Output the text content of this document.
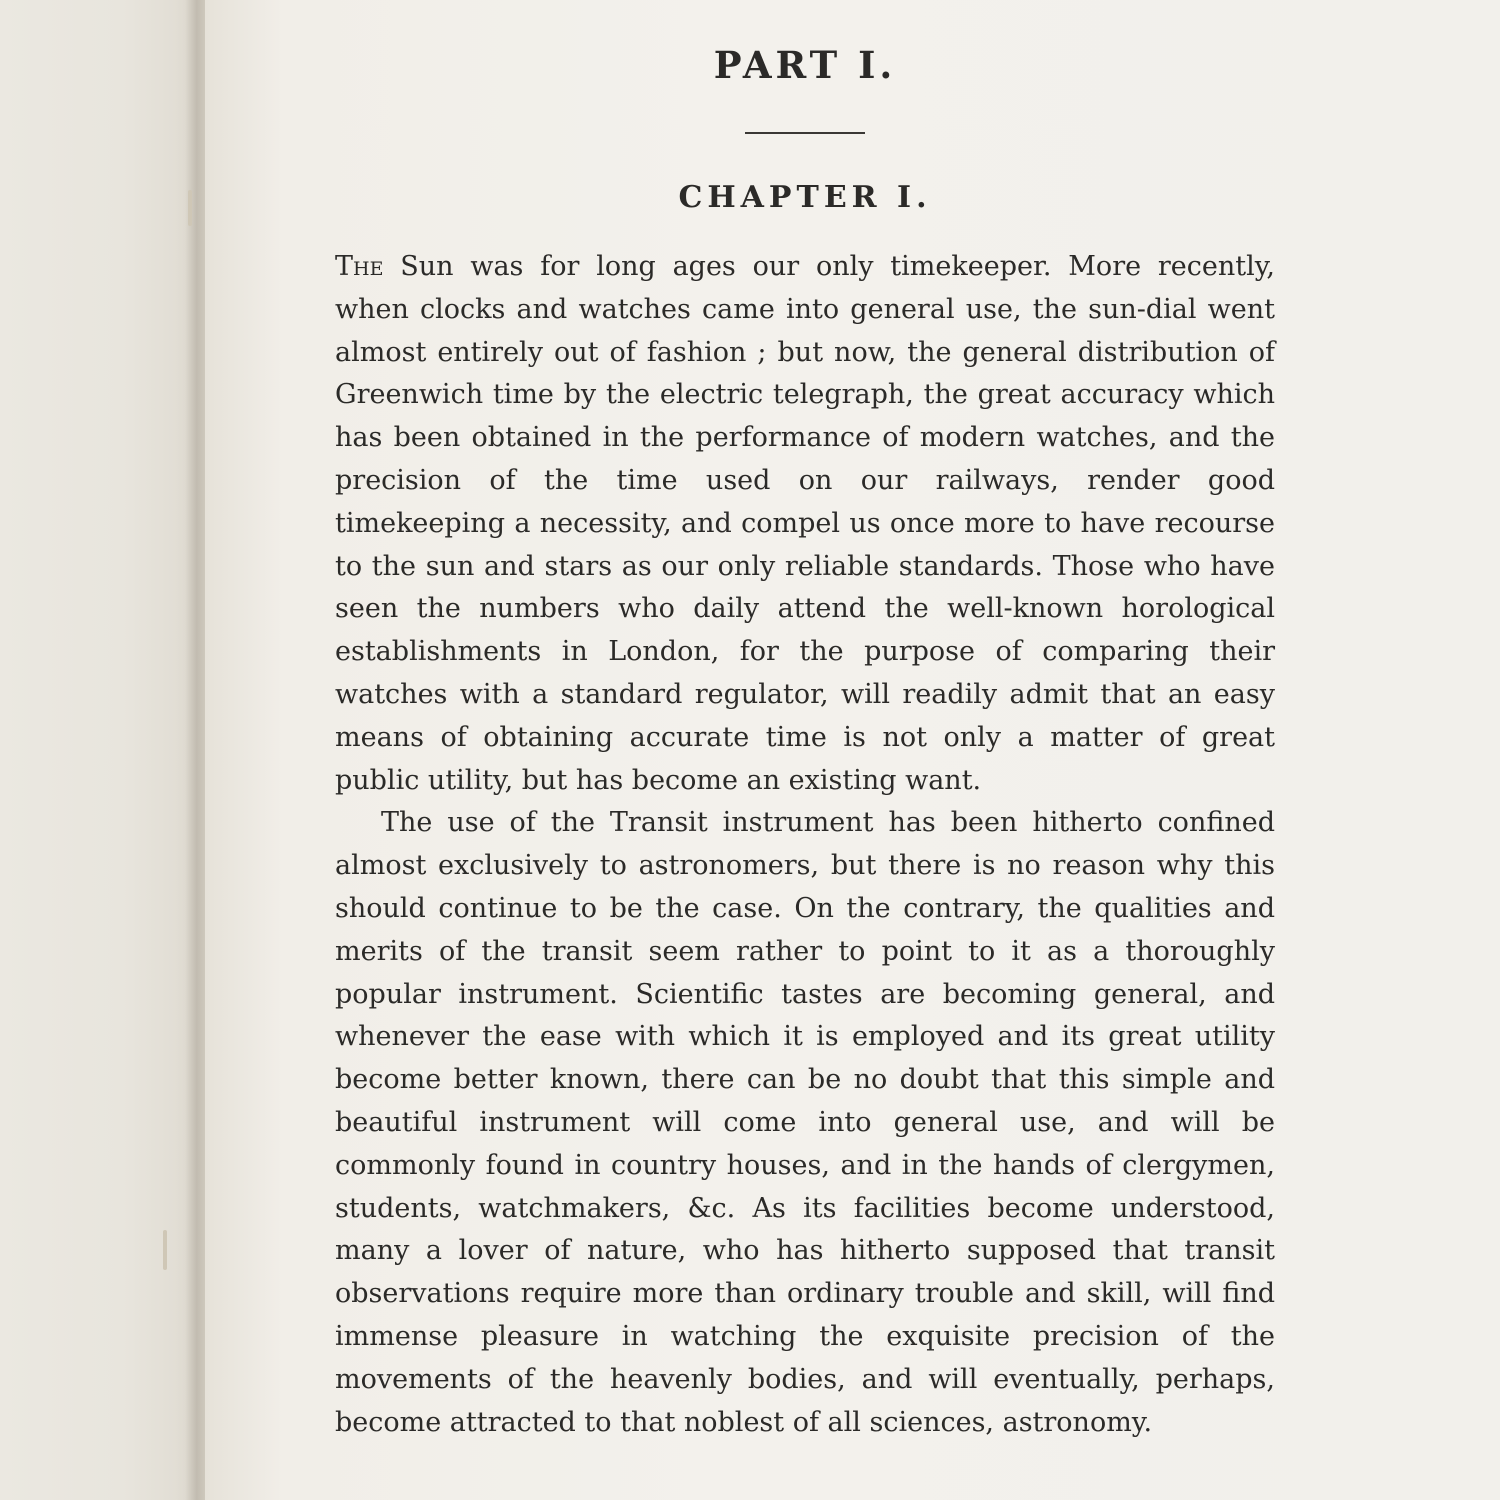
PART I.
CHAPTER I.

The Sun was for long ages our only timekeeper. More recently, when clocks and watches came into general use, the sun-dial went almost entirely out of fashion ; but now, the general distribution of Greenwich time by the electric telegraph, the great accuracy which has been obtained in the performance of modern watches, and the precision of the time used on our railways, render good timekeeping a necessity, and compel us once more to have recourse to the sun and stars as our only reliable standards. Those who have seen the numbers who daily attend the well-known horological establishments in London, for the purpose of comparing their watches with a standard regulator, will readily admit that an easy means of obtaining accurate time is not only a matter of great public utility, but has become an existing want.

The use of the Transit instrument has been hitherto confined almost exclusively to astronomers, but there is no reason why this should continue to be the case. On the contrary, the qualities and merits of the transit seem rather to point to it as a thoroughly popular instrument. Scientific tastes are becoming general, and whenever the ease with which it is employed and its great utility become better known, there can be no doubt that this simple and beautiful instrument will come into general use, and will be commonly found in country houses, and in the hands of clergymen, students, watchmakers, &c. As its facilities become understood, many a lover of nature, who has hitherto supposed that transit observations require more than ordinary trouble and skill, will find immense pleasure in watching the exquisite precision of the movements of the heavenly bodies, and will eventually, perhaps, become attracted to that noblest of all sciences, astronomy.
